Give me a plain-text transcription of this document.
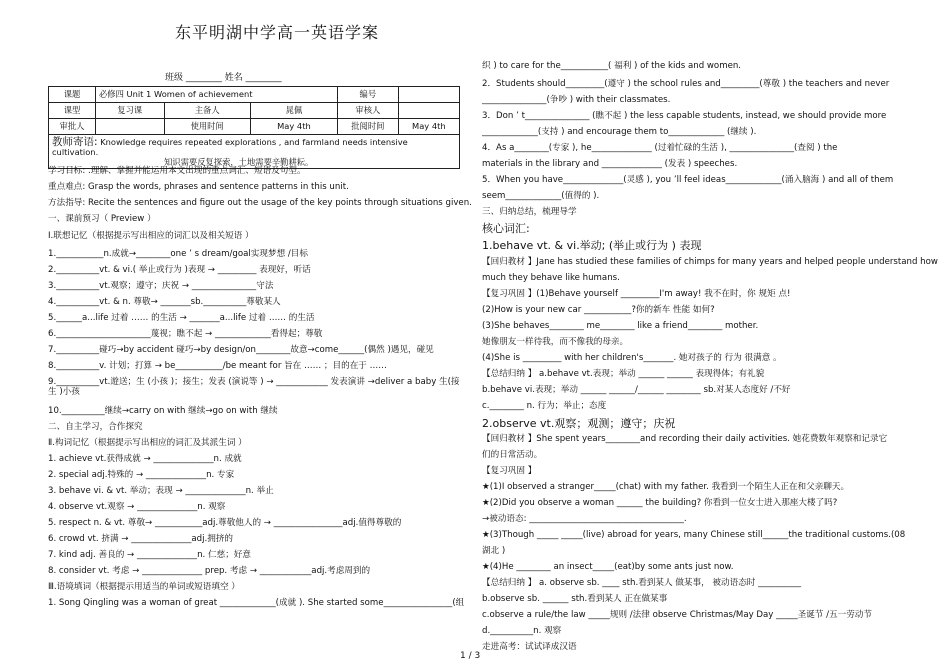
东平明湖中学高一英语学案
班级 ________ 姓名 ________
课题	必修四 Unit 1 Women of achievement			编号	
课型	复习课	主备人	晁佩	审核人	
审批人		使用时间	May 4th	批阅时间	May 4th
教师寄语: Knowledge requires repeated explorations , and farmland needs intensive cultivation.
知识需要反复探索，土地需要辛勤耕耘。					
学习目标: .理解、掌握并能运用本文出现的重点词汇、短语及句型。
重点难点: Grasp the words, phrases and sentence patterns in this unit.
方法指导: Recite the sentences and figure out the usage of the key points through situations given.
一、课前预习（ Preview ）
Ⅰ.联想记忆（根据提示写出相应的词汇以及相关短语 ）
1.___________n.成就→________one ’ s dream/goal实现梦想 /目标
2.__________vt. & vi.( 举止或行为 )表现 → _________ 表现好，听话
3.__________vt.观察；遵守；庆祝 → _______________守法
4.__________vt. & n. 尊敬→ _______sb.__________尊敬某人
5.______a...life 过着 …… 的生活 → _______a...life 过着 …… 的生活
6.______________________蔑视；瞧不起 → _____________看得起；尊敬
7.__________碰巧→by accident 碰巧→by design/on________故意→come______(偶然 )遇见，碰见
8.__________v. 计划；打算 → be___________/be meant for 旨在 …… ；目的在于 ……
9.__________vt.遊送；生 (小孩 )；接生；发表 (演说等 ) → ____________ 发表演讲 →deliver a baby 生(接生 )小孩
10.__________继续→carry on with 继续→go on with 继续
二、自主学习，合作探究
Ⅱ.构词记忆（根据提示写出相应的词汇及其派生词 ）
1. achieve vt.获得成就 → ______________n. 成就
2. special adj.特殊的 → ______________n. 专家
3. behave vi. & vt. 举动；表现 → ______________n. 举止
4. observe vt.观察 → ______________n. 观察
5. respect n. & vt. 尊敬→ ___________adj.尊敬他人的 → ________________adj.值得尊敬的
6. crowd vt. 挤满 → ______________adj.拥挤的
7. kind adj. 善良的 → ______________n. 仁慈；好意
8. consider vt. 考虑 → ______________ prep. 考虑 → ____________adj.考虑周到的
Ⅲ.语境填词（根据提示用适当的单词或短语填空 ）
1. Song Qingling was a woman of great _____________(成就 ). She started some________________(组
织 ) to care for the___________( 福利 ) of the kids and women.
2．Students should_________(遵守 ) the school rules and_________(尊敬 ) the teachers and never
_______________(争吵 ) with their classmates.
3．Don ’ t_______________ (瞧不起 ) the less capable students, instead, we should provide more
_____________(支持 ) and encourage them to_____________ (继续 ).
4．As a________(专家 ), he______________ (过着忙碌的生活 ), _______________(查阅 ) the
materials in the library and ______________ (发表 ) speeches.
5．When you have______________(灵感 ), you ’ll feel ideas_____________(涌入脑海 ) and all of them
seem_____________(值得的 ).
三、归纳总结，梳理导学
核心词汇:
1.behave vt. & vi.举动; (举止或行为 ) 表现
【回归教材 】Jane has studied these families of chimps for many years and helped people understand how
much they behave like humans.
【复习巩固 】(1)Behave yourself _________I'm away! 我不在时，你 规矩 点!
(2)How is your new car ___________?你的新车 性能 如何?
(3)She behaves________ me________ like a friend________ mother.
她像朋友一样待我，而不像我的母亲。
(4)She is _________ with her children's_______. 她对孩子的 行为 很满意 。
【总结归纳 】 a.behave vt.表现；举动 ______ ______ 表现得体；有礼貌
b.behave vi.表现；举动 ______ ______/______ ________ sb.对某人态度好 /不好
c.________ n. 行为；举止；态度
2.observe vt.观察；观测；遵守；庆祝
【回归教材 】She spent years________and recording their daily activities. 她花费数年观察和记录它
们的日常活动。
【复习巩固 】
★(1)I observed a stranger_____(chat) with my father. 我看到一个陌生人正在和父亲聊天。
★(2)Did you observe a woman ______ the building? 你看到一位女士进入那座大楼了吗?
→被动语态: ____________________________________.
★(3)Though _____ _____(live) abroad for years, many Chinese still______the traditional customs.(08
湖北 )
★(4)He ________ an insect_____(eat)by some ants just now.
【总结归纳 】 a. observe sb. ____ sth.看到某人 做某事， 被动语态时 __________
b.observe sb. ______ sth.看到某人 正在做某事
c.observe a rule/the law _____规则 /法律 observe Christmas/May Day _____圣诞节 /五一劳动节
d.__________n. 观察
走进高考：试试译成汉语
1 / 3
